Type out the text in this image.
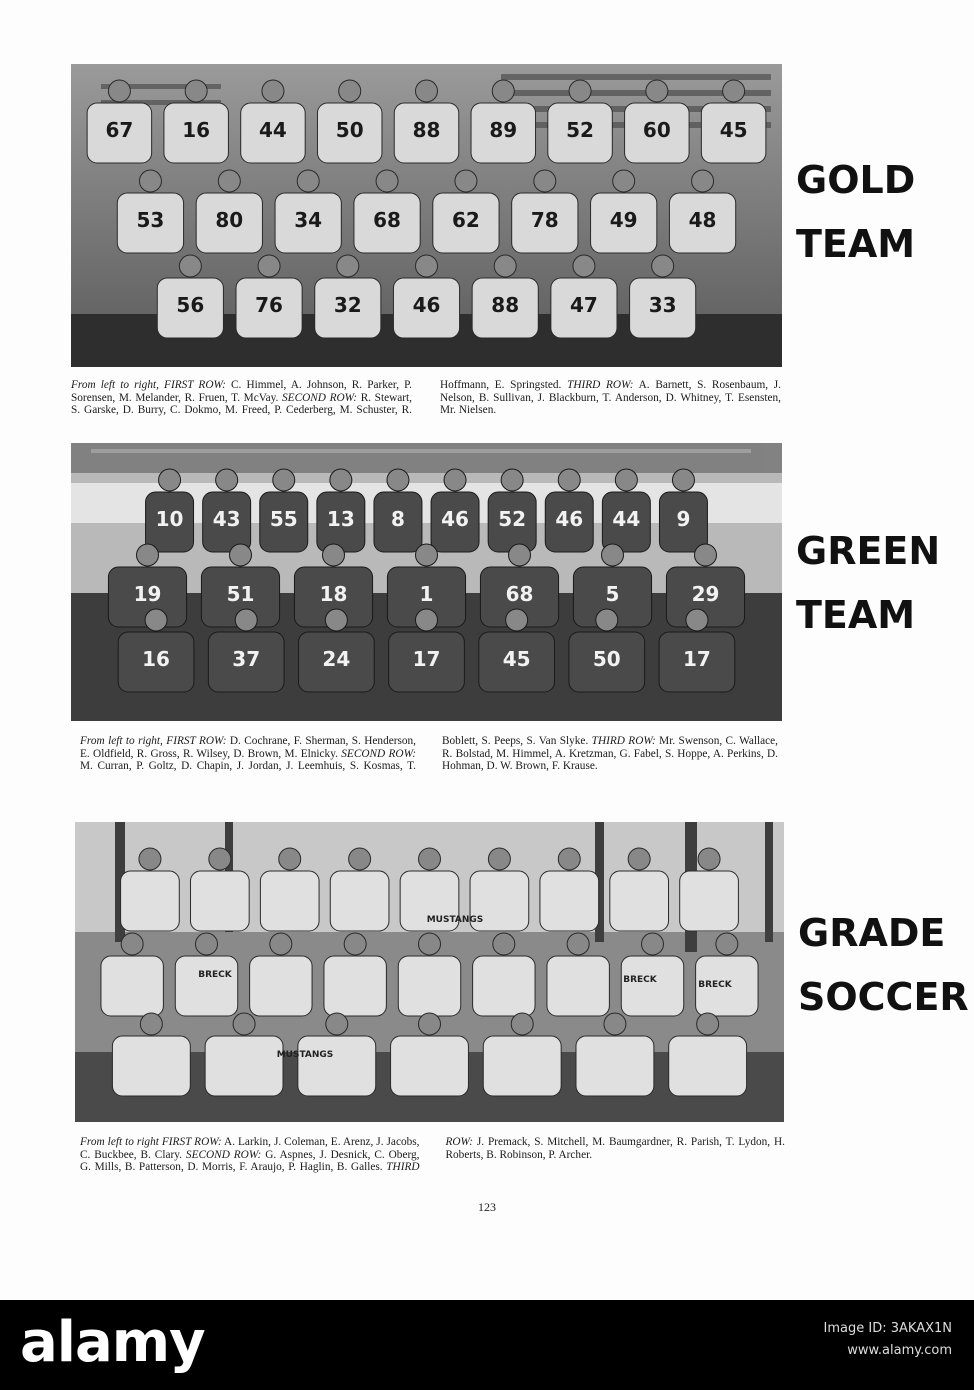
67 16 44 50 88 89 52 60 45
53	80	34	68	62	78	49	48
56	76	32	46	88	47	33
GOLD
TEAM
From left to right, FIRST ROW: C. Himmel, A. Johnson, R. Parker, P. Sorensen, M. Melander, R. Fruen, T. McVay. SECOND ROW: R. Stewart, S. Garske, D. Burry, C. Dokmo, M. Freed, P. Cederberg, M. Schuster, R. Hoffmann, E. Springsted. THIRD ROW: A. Barnett, S. Rosenbaum, J. Nelson, B. Sullivan, J. Blackburn, T. Anderson, D. Whitney, T. Esensten, Mr. Nielsen.
10 43 55 13 8 46 52 46 44 9
19	51	18	1	68	5	29
16	37	24	17	45	50	17
GREEN
TEAM
From left to right, FIRST ROW: D. Cochrane, F. Sherman, S. Henderson, E. Oldfield, R. Gross, R. Wilsey, D. Brown, M. Elnicky. SECOND ROW: M. Curran, P. Goltz, D. Chapin, J. Jordan, J. Leemhuis, S. Kosmas, T. Boblett, S. Peeps, S. Van Slyke. THIRD ROW: Mr. Swenson, C. Wallace, R. Bolstad, M. Himmel, A. Kretzman, G. Fabel, S. Hoppe, A. Perkins, D. Hohman, D. W. Brown, F. Krause.
BRECK
MUSTANGS
BRECK
MUSTANGS
BRECK
GRADE
SOCCER
From left to right FIRST ROW: A. Larkin, J. Coleman, E. Arenz, J. Jacobs, C. Buckbee, B. Clary. SECOND ROW: G. Aspnes, J. Desnick, C. Oberg, G. Mills, B. Patterson, D. Morris, F. Araujo, P. Haglin, B. Galles. THIRD ROW: J. Premack, S. Mitchell, M. Baumgardner, R. Parish, T. Lydon, H. Roberts, B. Robinson, P. Archer.
123
alamy	Image ID: 3AKAX1N
www.alamy.com
